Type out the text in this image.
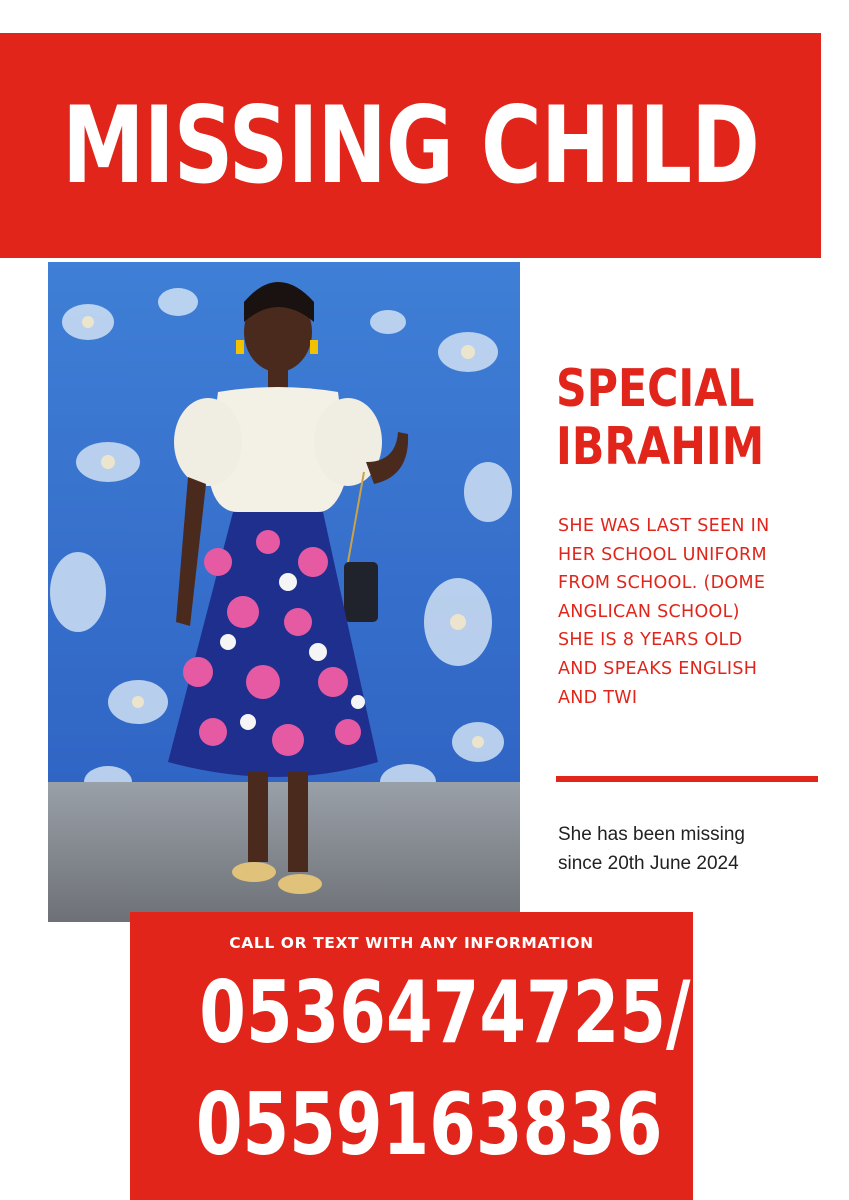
MISSING CHILD
SPECIAL
IBRAHIM
SHE WAS LAST SEEN IN
HER SCHOOL UNIFORM
FROM SCHOOL. (DOME
ANGLICAN SCHOOL)
SHE IS 8 YEARS OLD
AND SPEAKS ENGLISH
AND TWI
She has been missing
since 20th June 2024
CALL OR TEXT WITH ANY INFORMATION
0536474725/
0559163836
